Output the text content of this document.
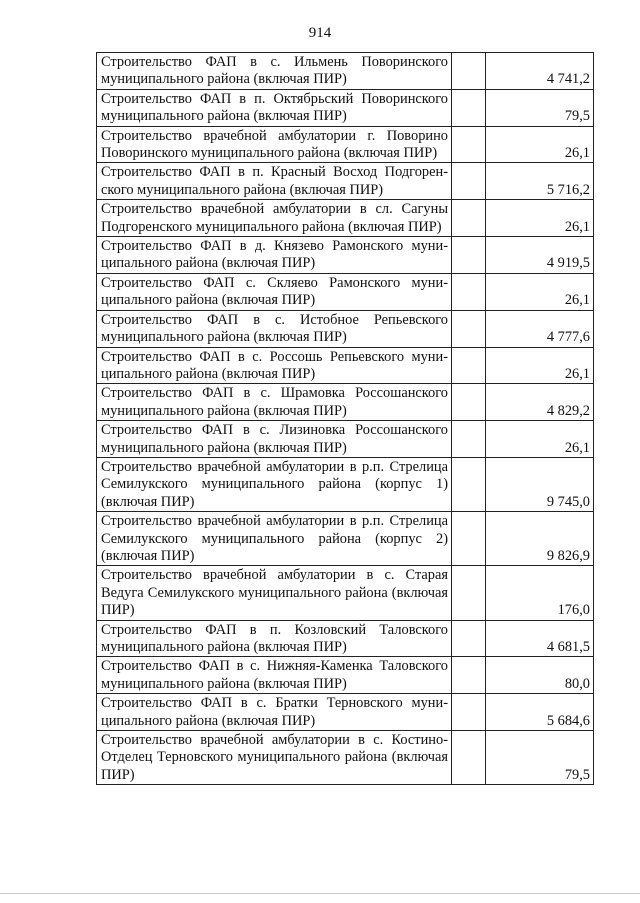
914
Строительство ФАП в с. Ильмень Поворинского муниципального района (включая ПИР)		4 741,2
Строительство ФАП в п. Октябрьский Поворинского муниципального района (включая ПИР)		79,5
Строительство врачебной амбулатории г. Поворино Поворинского муниципального района (включая ПИР)		26,1
Строительство ФАП в п. Красный Восход Подгоренского муниципального района (включая ПИР)		5 716,2
Строительство врачебной амбулатории в сл. Сагуны Подгоренского муниципального района (включая ПИР)		26,1
Строительство ФАП в д. Князево Рамонского муниципального района (включая ПИР)		4 919,5
Строительство ФАП с. Скляево Рамонского муниципального района (включая ПИР)		26,1
Строительство ФАП в с. Истобное Репьевского муниципального района (включая ПИР)		4 777,6
Строительство ФАП в с. Россошь Репьевского муниципального района (включая ПИР)		26,1
Строительство ФАП в с. Шрамовка Россошанского муниципального района (включая ПИР)		4 829,2
Строительство ФАП в с. Лизиновка Россошанского муниципального района (включая ПИР)		26,1
Строительство врачебной амбулатории в р.п. Стрелица Семилукского муниципального района (корпус 1) (включая ПИР)		9 745,0
Строительство врачебной амбулатории в р.п. Стрелица Семилукского муниципального района (корпус 2) (включая ПИР)		9 826,9
Строительство врачебной амбулатории в с. Старая Ведуга Семилукского муниципального района (включая ПИР)		176,0
Строительство ФАП в п. Козловский Таловского муниципального района (включая ПИР)		4 681,5
Строительство ФАП в с. Нижняя-Каменка Таловского муниципального района (включая ПИР)		80,0
Строительство ФАП в с. Братки Терновского муниципального района (включая ПИР)		5 684,6
Строительство врачебной амбулатории в с. Костино-Отделец Терновского муниципального района (включая ПИР)		79,5
